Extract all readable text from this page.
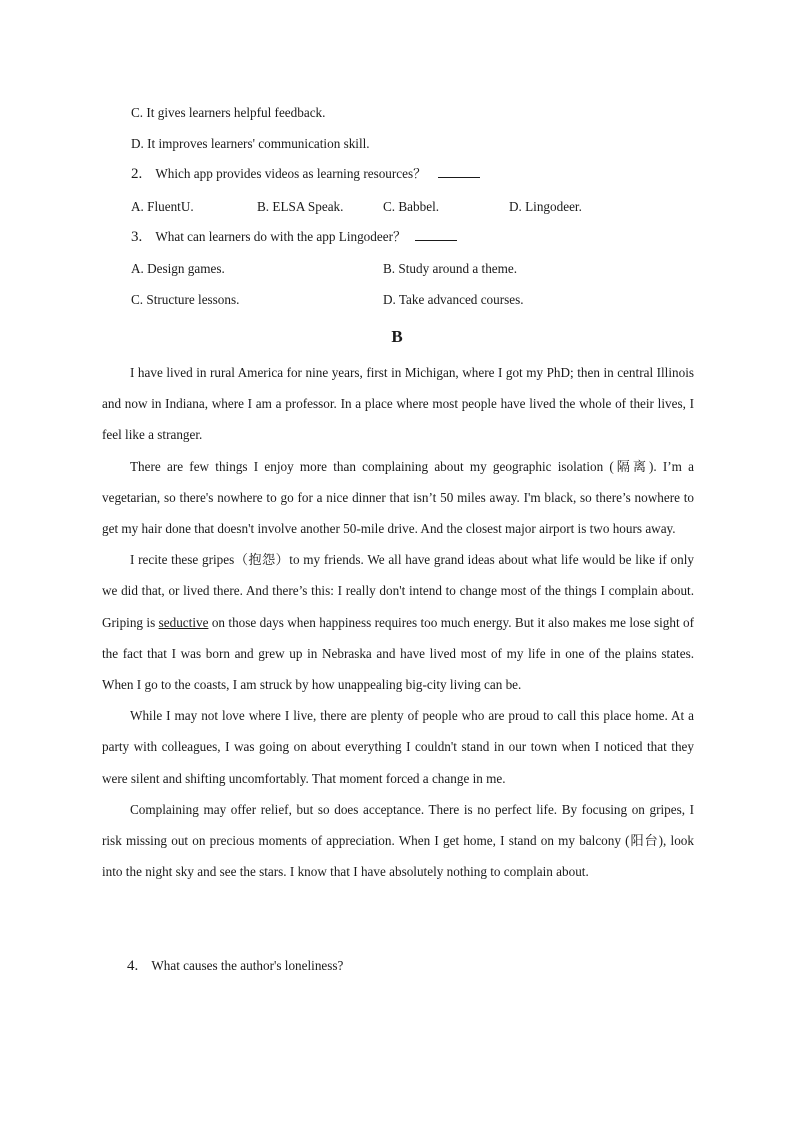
C. It gives learners helpful feedback.
D. It improves learners' communication skill.
2. Which app provides videos as learning resources？
A. FluentU.	B. ELSA Speak.	C. Babbel.	D. Lingodeer.
3. What can learners do with the app Lingodeer？
A. Design games.	B. Study around a theme.
C. Structure lessons.	D. Take advanced courses.
B

I have lived in rural America for nine years, first in Michigan, where I got my PhD; then in central Illinois and now in Indiana, where I am a professor. In a place where most people have lived the whole of their lives, I feel like a stranger.

There are few things I enjoy more than complaining about my geographic isolation (隔离). I’m a vegetarian, so there's nowhere to go for a nice dinner that isn’t 50 miles away. I'm black, so there’s nowhere to get my hair done that doesn't involve another 50-mile drive. And the closest major airport is two hours away.

I recite these gripes（抱怨）to my friends. We all have grand ideas about what life would be like if only we did that, or lived there. And there’s this: I really don't intend to change most of the things I complain about. Griping is seductive on those days when happiness requires too much energy. But it also makes me lose sight of the fact that I was born and grew up in Nebraska and have lived most of my life in one of the plains states. When I go to the coasts, I am struck by how unappealing big-city living can be.

While I may not love where I live, there are plenty of people who are proud to call this place home. At a party with colleagues, I was going on about everything I couldn't stand in our town when I noticed that they were silent and shifting uncomfortably. That moment forced a change in me.

Complaining may offer relief, but so does acceptance. There is no perfect life. By focusing on gripes, I risk missing out on precious moments of appreciation. When I get home, I stand on my balcony (阳台), look into the night sky and see the stars. I know that I have absolutely nothing to complain about.

4. What causes the author's loneliness?
